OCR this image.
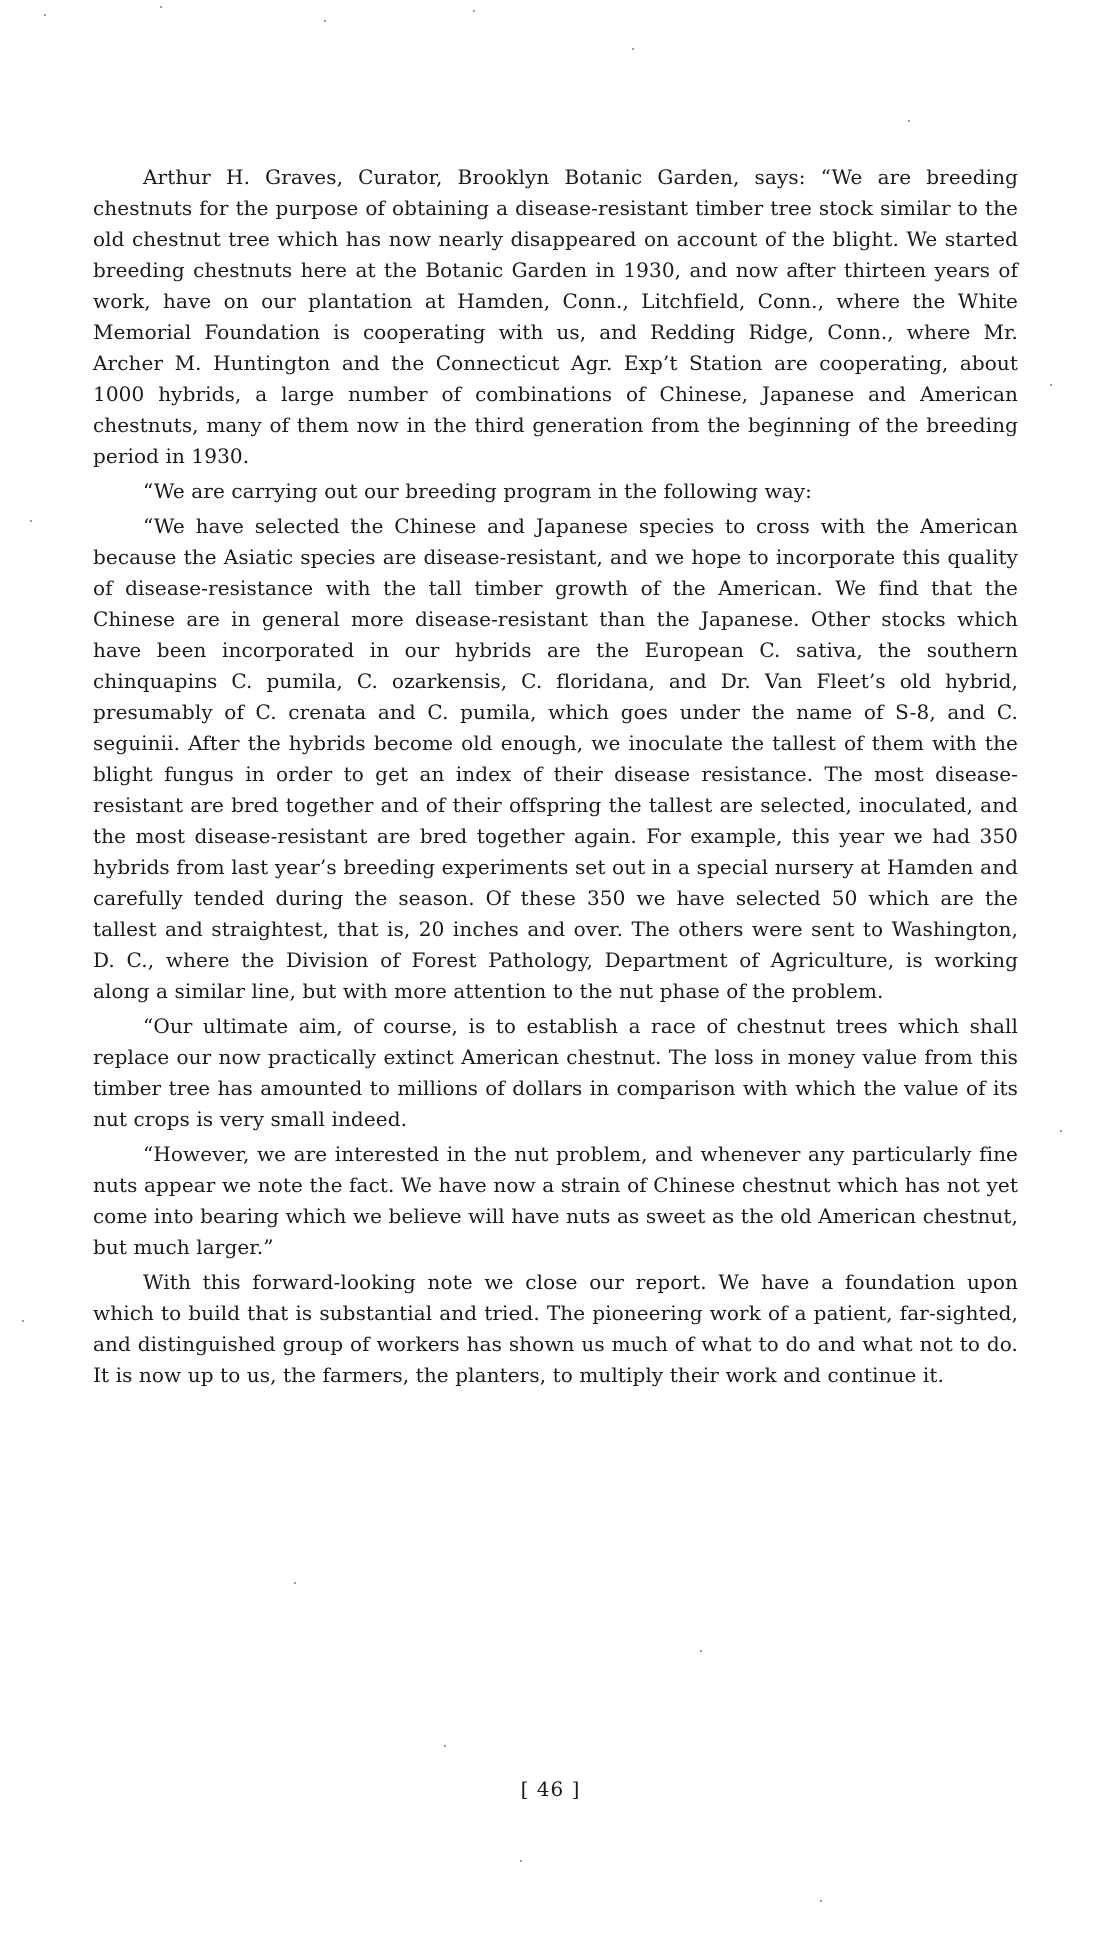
Arthur H. Graves, Curator, Brooklyn Botanic Garden, says: “We are breeding chestnuts for the purpose of obtaining a disease-resistant timber tree stock similar to the old chestnut tree which has now nearly disappeared on account of the blight. We started breeding chestnuts here at the Botanic Garden in 1930, and now after thirteen years of work, have on our plantation at Hamden, Conn., Litchfield, Conn., where the White Memorial Foundation is cooperating with us, and Redding Ridge, Conn., where Mr. Archer M. Huntington and the Connecticut Agr. Exp’t Station are cooperating, about 1000 hybrids, a large number of combinations of Chinese, Japanese and American chestnuts, many of them now in the third generation from the beginning of the breeding period in 1930.

“We are carrying out our breeding program in the following way:

“We have selected the Chinese and Japanese species to cross with the American because the Asiatic species are disease-resistant, and we hope to incorporate this quality of disease-resistance with the tall timber growth of the American. We find that the Chinese are in general more disease-resistant than the Japanese. Other stocks which have been incorporated in our hybrids are the European C. sativa, the southern chinquapins C. pumila, C. ozarkensis, C. floridana, and Dr. Van Fleet’s old hybrid, presumably of C. crenata and C. pumila, which goes under the name of S-8, and C. seguinii. After the hybrids become old enough, we inoculate the tallest of them with the blight fungus in order to get an index of their disease resistance. The most disease-resistant are bred together and of their offspring the tallest are selected, inoculated, and the most disease-resistant are bred together again. For example, this year we had 350 hybrids from last year’s breeding experiments set out in a special nursery at Hamden and carefully tended during the season. Of these 350 we have selected 50 which are the tallest and straightest, that is, 20 inches and over. The others were sent to Washington, D. C., where the Division of Forest Pathology, Department of Agriculture, is working along a similar line, but with more attention to the nut phase of the problem.

“Our ultimate aim, of course, is to establish a race of chestnut trees which shall replace our now practically extinct American chestnut. The loss in money value from this timber tree has amounted to millions of dollars in comparison with which the value of its nut crops is very small indeed.

“However, we are interested in the nut problem, and whenever any particularly fine nuts appear we note the fact. We have now a strain of Chinese chestnut which has not yet come into bearing which we believe will have nuts as sweet as the old American chestnut, but much larger.”

With this forward-looking note we close our report. We have a foundation upon which to build that is substantial and tried. The pioneering work of a patient, far-sighted, and distinguished group of workers has shown us much of what to do and what not to do. It is now up to us, the farmers, the planters, to multiply their work and continue it.

[ 46 ]
